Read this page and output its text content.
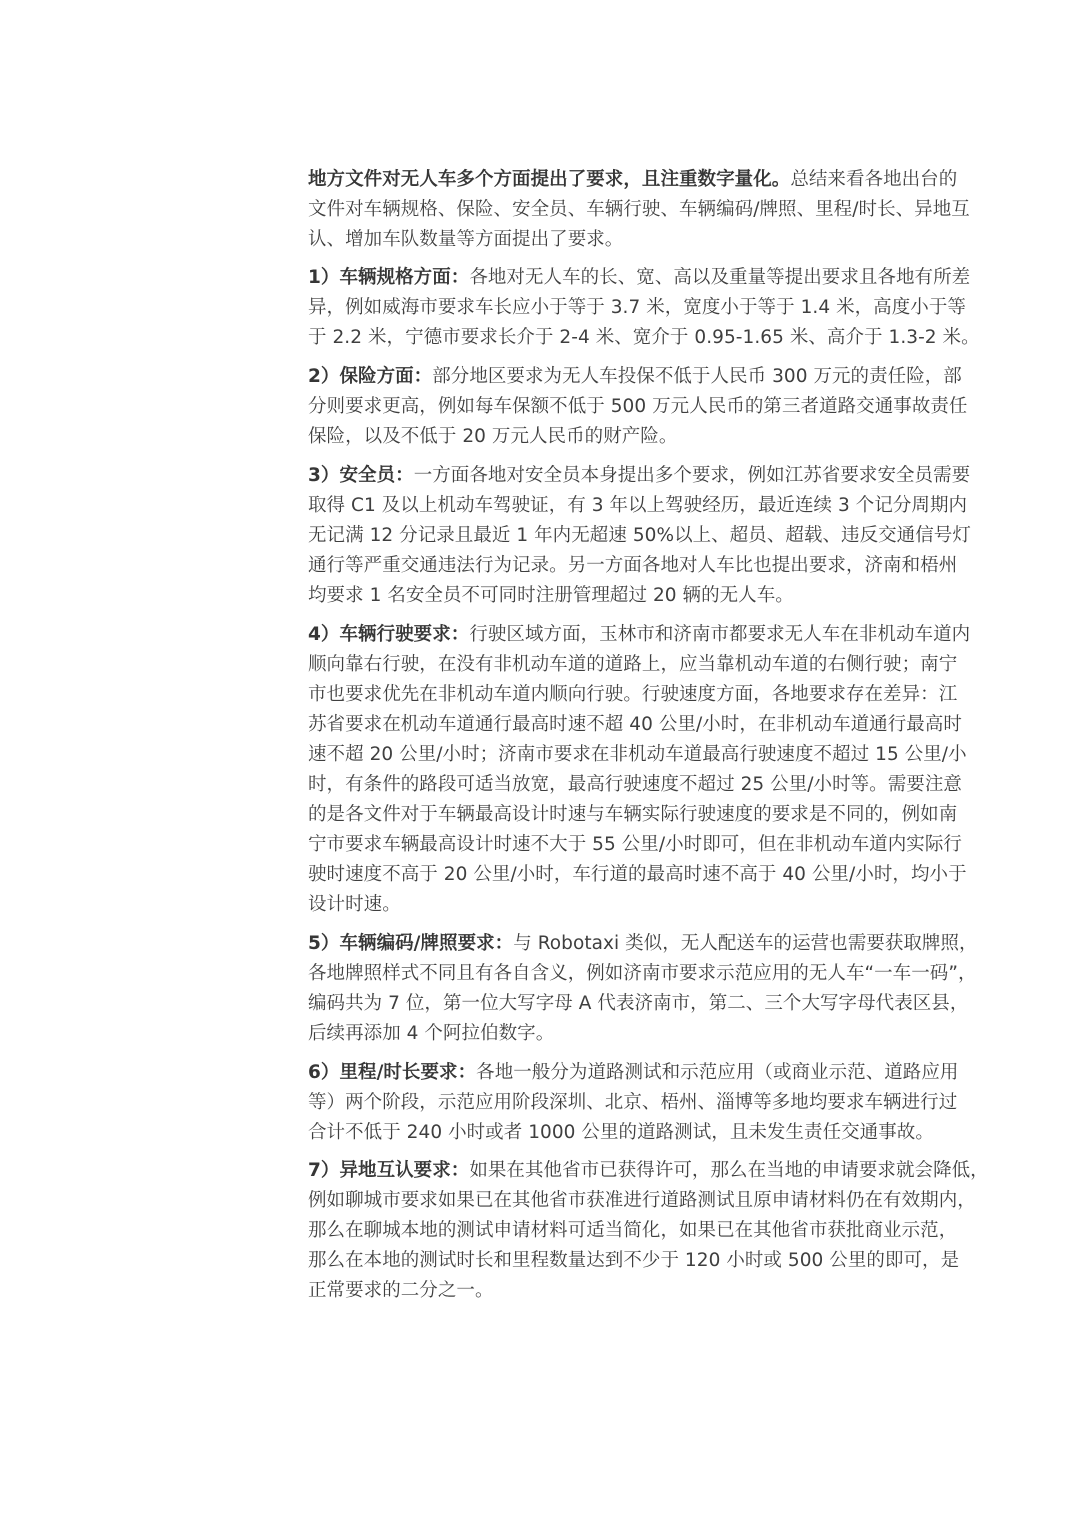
地方文件对无人车多个方面提出了要求，且注重数字量化。总结来看各地出台的
文件对车辆规格、保险、安全员、车辆行驶、车辆编码/牌照、里程/时长、异地互
认、增加车队数量等方面提出了要求。
1）车辆规格方面：各地对无人车的长、宽、高以及重量等提出要求且各地有所差
异，例如威海市要求车长应小于等于 3.7 米，宽度小于等于 1.4 米，高度小于等
于 2.2 米，宁德市要求长介于 2-4 米、宽介于 0.95-1.65 米、高介于 1.3-2 米。
2）保险方面：部分地区要求为无人车投保不低于人民币 300 万元的责任险，部
分则要求更高，例如每车保额不低于 500 万元人民币的第三者道路交通事故责任
保险，以及不低于 20 万元人民币的财产险。
3）安全员：一方面各地对安全员本身提出多个要求，例如江苏省要求安全员需要
取得 C1 及以上机动车驾驶证，有 3 年以上驾驶经历，最近连续 3 个记分周期内
无记满 12 分记录且最近 1 年内无超速 50%以上、超员、超载、违反交通信号灯
通行等严重交通违法行为记录。另一方面各地对人车比也提出要求，济南和梧州
均要求 1 名安全员不可同时注册管理超过 20 辆的无人车。
4）车辆行驶要求：行驶区域方面，玉林市和济南市都要求无人车在非机动车道内
顺向靠右行驶，在没有非机动车道的道路上，应当靠机动车道的右侧行驶；南宁
市也要求优先在非机动车道内顺向行驶。行驶速度方面，各地要求存在差异：江
苏省要求在机动车道通行最高时速不超 40 公里/小时，在非机动车道通行最高时
速不超 20 公里/小时；济南市要求在非机动车道最高行驶速度不超过 15 公里/小
时，有条件的路段可适当放宽，最高行驶速度不超过 25 公里/小时等。需要注意
的是各文件对于车辆最高设计时速与车辆实际行驶速度的要求是不同的，例如南
宁市要求车辆最高设计时速不大于 55 公里/小时即可，但在非机动车道内实际行
驶时速度不高于 20 公里/小时，车行道的最高时速不高于 40 公里/小时，均小于
设计时速。
5）车辆编码/牌照要求：与 Robotaxi 类似，无人配送车的运营也需要获取牌照，
各地牌照样式不同且有各自含义，例如济南市要求示范应用的无人车“一车一码”，
编码共为 7 位，第一位大写字母 A 代表济南市，第二、三个大写字母代表区县，
后续再添加 4 个阿拉伯数字。
6）里程/时长要求：各地一般分为道路测试和示范应用（或商业示范、道路应用
等）两个阶段，示范应用阶段深圳、北京、梧州、淄博等多地均要求车辆进行过
合计不低于 240 小时或者 1000 公里的道路测试，且未发生责任交通事故。
7）异地互认要求：如果在其他省市已获得许可，那么在当地的申请要求就会降低，
例如聊城市要求如果已在其他省市获准进行道路测试且原申请材料仍在有效期内，
那么在聊城本地的测试申请材料可适当简化，如果已在其他省市获批商业示范，
那么在本地的测试时长和里程数量达到不少于 120 小时或 500 公里的即可，是
正常要求的二分之一。
